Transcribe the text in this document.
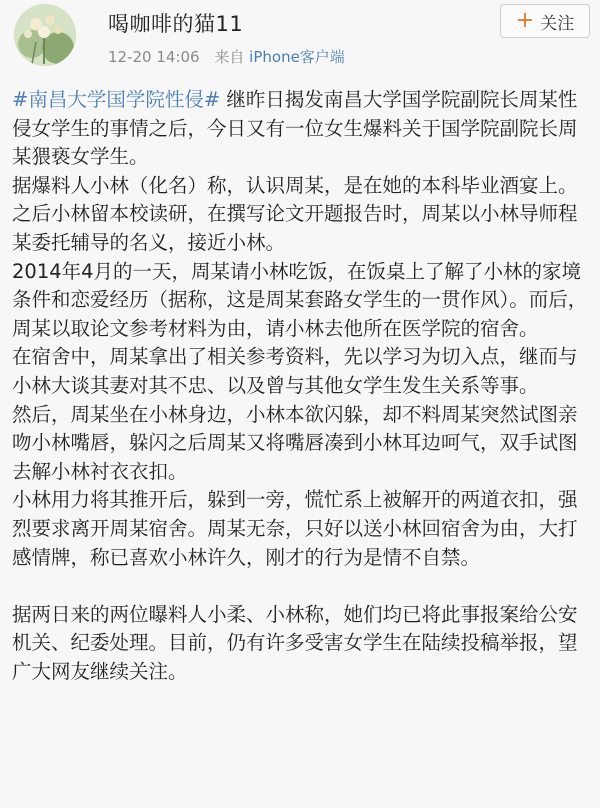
喝咖啡的猫11
12-20 14:06 来自 iPhone客户端
+ 关注

#南昌大学国学院性侵# 继昨日揭发南昌大学国学院副院长周某性侵女学生的事情之后，今日又有一位女生爆料关于国学院副院长周某猥亵女学生。

据爆料人小林（化名）称，认识周某，是在她的本科毕业酒宴上。之后小林留本校读研，在撰写论文开题报告时，周某以小林导师程某委托辅导的名义，接近小林。

2014年4月的一天，周某请小林吃饭，在饭桌上了解了小林的家境条件和恋爱经历（据称，这是周某套路女学生的一贯作风）。而后，周某以取论文参考材料为由，请小林去他所在医学院的宿舍。

在宿舍中，周某拿出了相关参考资料，先以学习为切入点，继而与小林大谈其妻对其不忠、以及曾与其他女学生发生关系等事。

然后，周某坐在小林身边，小林本欲闪躲，却不料周某突然试图亲吻小林嘴唇，躲闪之后周某又将嘴唇凑到小林耳边呵气，双手试图去解小林衬衣衣扣。

小林用力将其推开后，躲到一旁，慌忙系上被解开的两道衣扣，强烈要求离开周某宿舍。周某无奈，只好以送小林回宿舍为由，大打感情牌，称已喜欢小林许久，刚才的行为是情不自禁。

据两日来的两位曝料人小柔、小林称，她们均已将此事报案给公安机关、纪委处理。目前，仍有许多受害女学生在陆续投稿举报，望广大网友继续关注。
